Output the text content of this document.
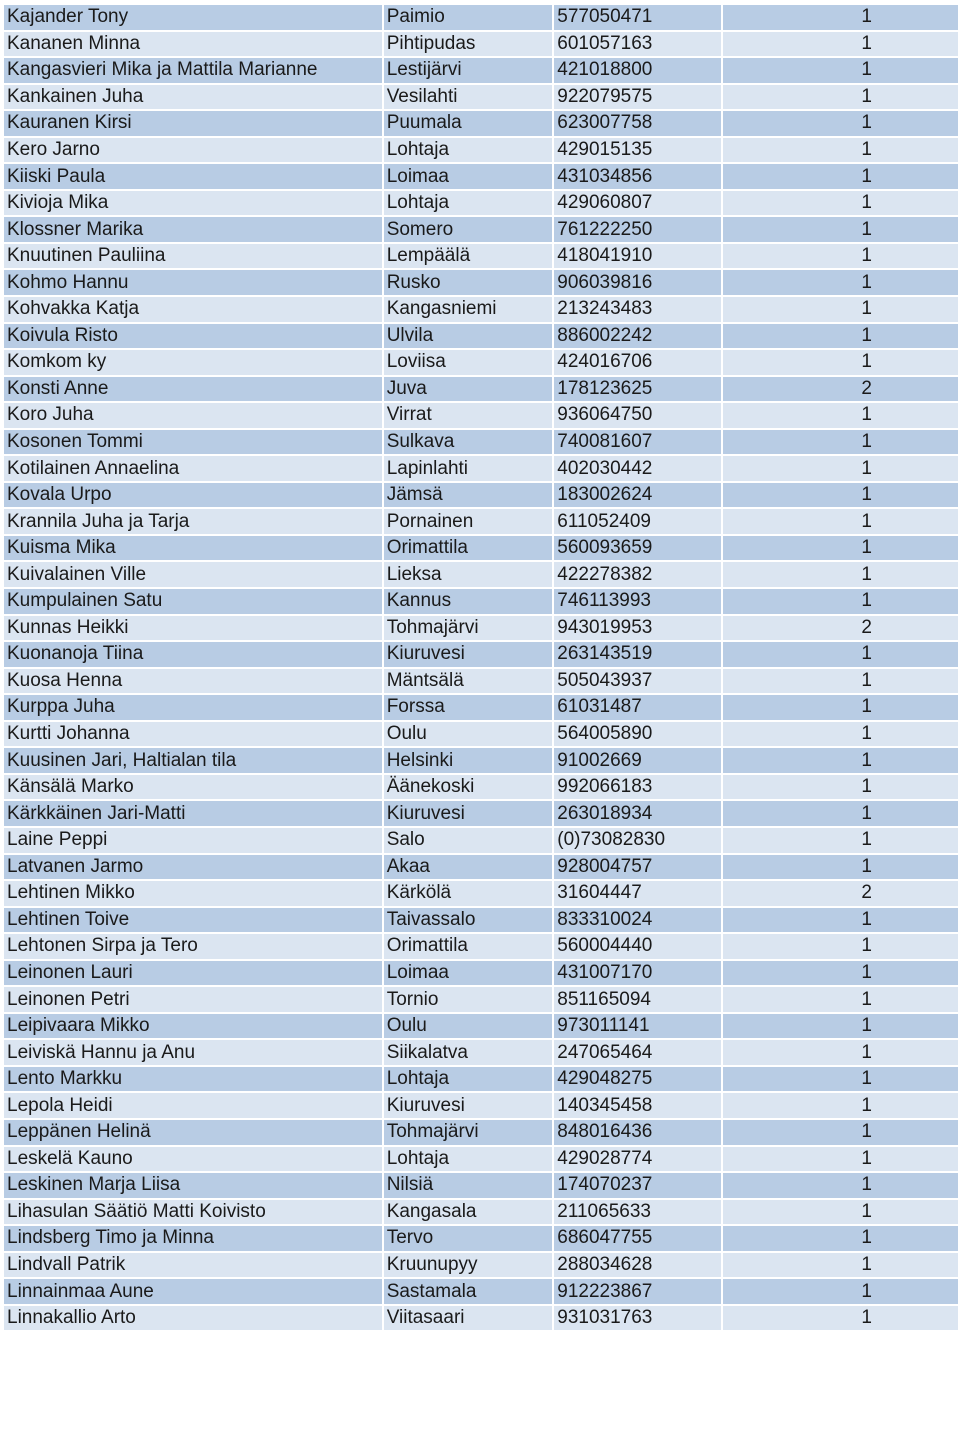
Kajander Tony	Paimio	577050471	1
Kananen Minna	Pihtipudas	601057163	1
Kangasvieri Mika ja Mattila Marianne	Lestijärvi	421018800	1
Kankainen Juha	Vesilahti	922079575	1
Kauranen Kirsi	Puumala	623007758	1
Kero Jarno	Lohtaja	429015135	1
Kiiski Paula	Loimaa	431034856	1
Kivioja Mika	Lohtaja	429060807	1
Klossner Marika	Somero	761222250	1
Knuutinen Pauliina	Lempäälä	418041910	1
Kohmo Hannu	Rusko	906039816	1
Kohvakka Katja	Kangasniemi	213243483	1
Koivula Risto	Ulvila	886002242	1
Komkom ky	Loviisa	424016706	1
Konsti Anne	Juva	178123625	2
Koro Juha	Virrat	936064750	1
Kosonen Tommi	Sulkava	740081607	1
Kotilainen Annaelina	Lapinlahti	402030442	1
Kovala Urpo	Jämsä	183002624	1
Krannila Juha ja Tarja	Pornainen	611052409	1
Kuisma Mika	Orimattila	560093659	1
Kuivalainen Ville	Lieksa	422278382	1
Kumpulainen Satu	Kannus	746113993	1
Kunnas Heikki	Tohmajärvi	943019953	2
Kuonanoja Tiina	Kiuruvesi	263143519	1
Kuosa Henna	Mäntsälä	505043937	1
Kurppa Juha	Forssa	61031487	1
Kurtti Johanna	Oulu	564005890	1
Kuusinen Jari, Haltialan tila	Helsinki	91002669	1
Känsälä Marko	Äänekoski	992066183	1
Kärkkäinen Jari-Matti	Kiuruvesi	263018934	1
Laine Peppi	Salo	(0)73082830	1
Latvanen Jarmo	Akaa	928004757	1
Lehtinen Mikko	Kärkölä	31604447	2
Lehtinen Toive	Taivassalo	833310024	1
Lehtonen Sirpa ja Tero	Orimattila	560004440	1
Leinonen Lauri	Loimaa	431007170	1
Leinonen Petri	Tornio	851165094	1
Leipivaara Mikko	Oulu	973011141	1
Leiviskä Hannu ja Anu	Siikalatva	247065464	1
Lento Markku	Lohtaja	429048275	1
Lepola Heidi	Kiuruvesi	140345458	1
Leppänen Helinä	Tohmajärvi	848016436	1
Leskelä Kauno	Lohtaja	429028774	1
Leskinen Marja Liisa	Nilsiä	174070237	1
Lihasulan Säätiö Matti Koivisto	Kangasala	211065633	1
Lindsberg Timo ja Minna	Tervo	686047755	1
Lindvall Patrik	Kruunupyy	288034628	1
Linnainmaa Aune	Sastamala	912223867	1
Linnakallio Arto	Viitasaari	931031763	1
